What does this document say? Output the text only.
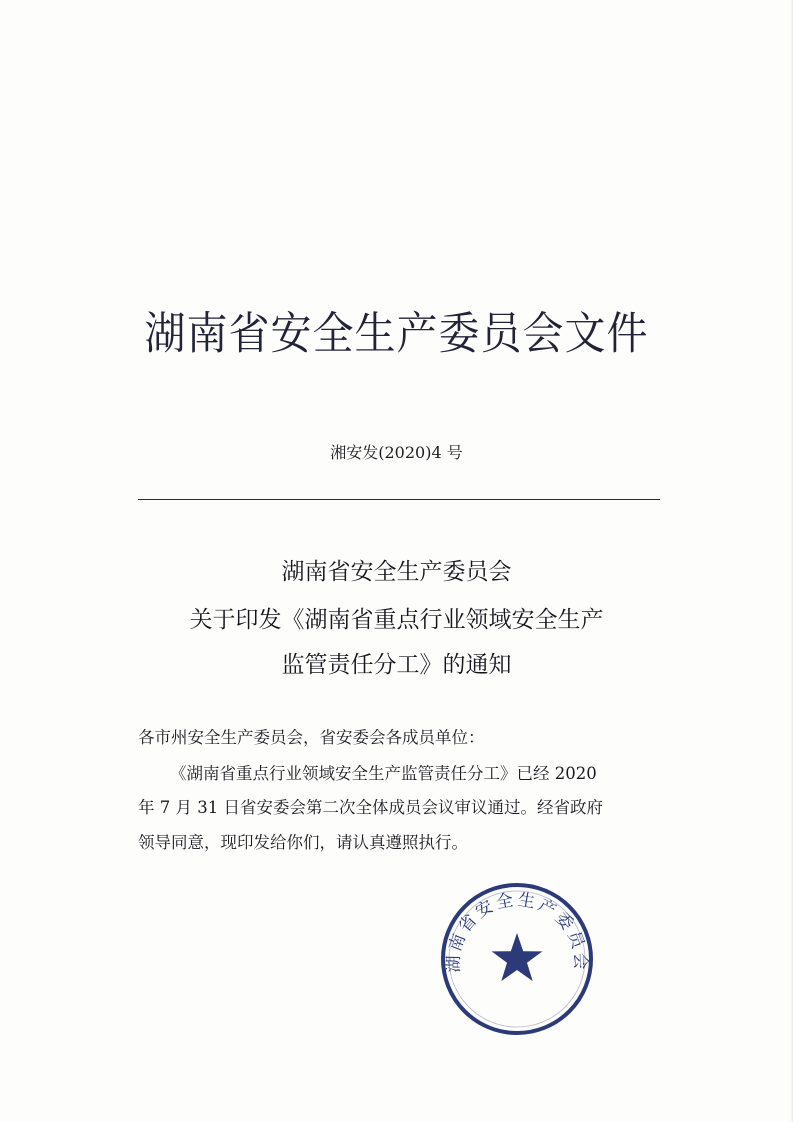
湖南省安全生产委员会文件
湘安发(2020)4 号
湖南省安全生产委员会
关于印发《湖南省重点行业领域安全生产
监管责任分工》的通知
各市州安全生产委员会，省安委会各成员单位：
《湖南省重点行业领域安全生产监管责任分工》已经 2020
年 7 月 31 日省安委会第二次全体成员会议审议通过。经省政府
领导同意，现印发给你们，请认真遵照执行。
湖南省安全生产委员会
